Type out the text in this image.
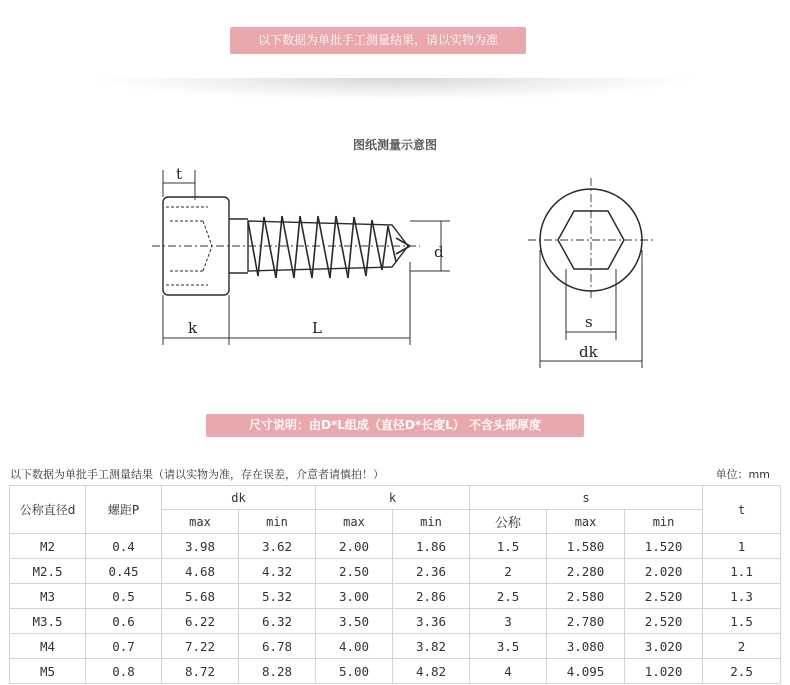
以下数据为单批手工测量结果，请以实物为准
图纸测量示意图
t
d
k	L	s
dk
尺寸说明：由D*L组成（直径D*长度L） 不含头部厚度
以下数据为单批手工测量结果（请以实物为准，存在误差，介意者请慎拍！）	单位：mm
公称直径d	螺距P	dk		k		s			t
		max	min	max	min	公称	max	min	
M2	0.4	3.98	3.62	2.00	1.86	1.5	1.580	1.520	1
M2.5	0.45	4.68	4.32	2.50	2.36	2	2.280	2.020	1.1
M3	0.5	5.68	5.32	3.00	2.86	2.5	2.580	2.520	1.3
M3.5	0.6	6.22	6.32	3.50	3.36	3	2.780	2.520	1.5
M4	0.7	7.22	6.78	4.00	3.82	3.5	3.080	3.020	2
M5	0.8	8.72	8.28	5.00	4.82	4	4.095	1.020	2.5
